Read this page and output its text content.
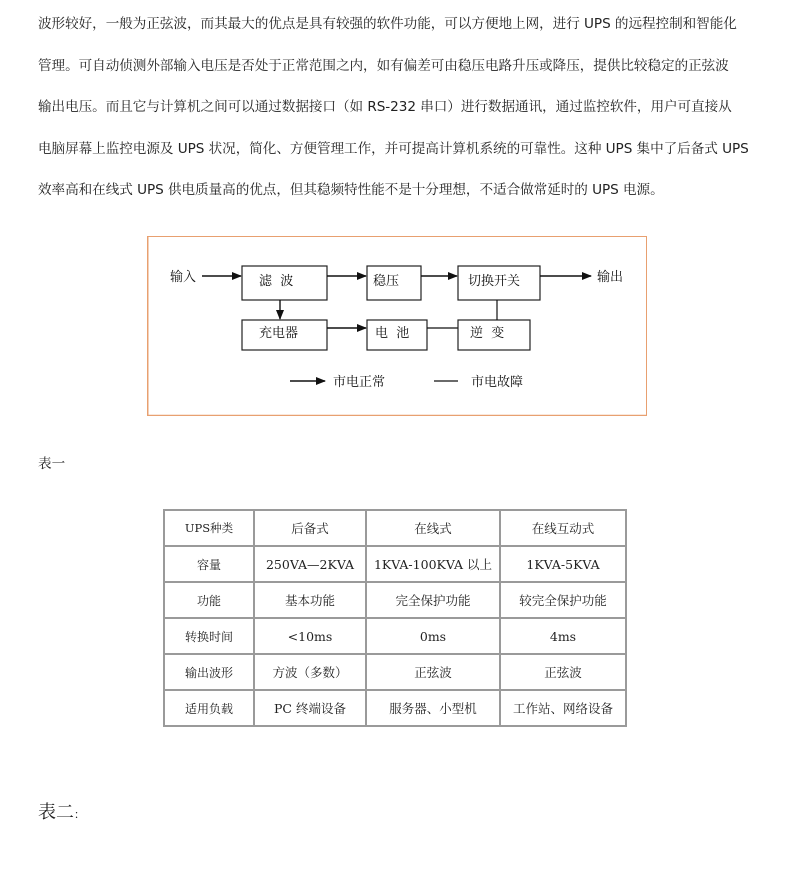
波形较好，一般为正弦波，而其最大的优点是具有较强的软件功能，可以方便地上网，进行 UPS 的远程控制和智能化
管理。可自动侦测外部输入电压是否处于正常范围之内，如有偏差可由稳压电路升压或降压，提供比较稳定的正弦波
输出电压。而且它与计算机之间可以通过数据接口（如 RS-232 串口）进行数据通讯，通过监控软件，用户可直接从
电脑屏幕上监控电源及 UPS 状况，简化、方便管理工作，并可提高计算机系统的可靠性。这种 UPS 集中了后备式 UPS
效率高和在线式 UPS 供电质量高的优点，但其稳频特性能不是十分理想，不适合做常延时的 UPS 电源。
输入	滤  波	稳压	切换开关	输出
充电器	电  池	逆  变
市电正常	市电故障
表一
UPS种类	后备式	在线式	在线互动式
容量	250VA—2KVA	1KVA-100KVA 以上	1KVA-5KVA
功能	基本功能	完全保护功能	较完全保护功能
转换时间	<10ms	0ms	4ms
输出波形	方波（多数）	正弦波	正弦波
适用负载	PC 终端设备	服务器、小型机	工作站、网络设备
表二：
